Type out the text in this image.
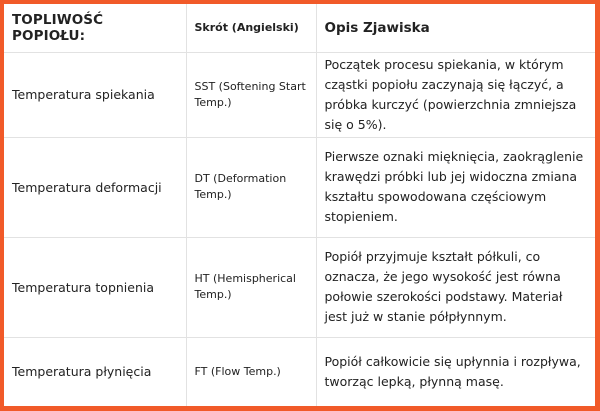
TOPLIWOŚĆ POPIOŁU:	Skrót (Angielski)	Opis Zjawiska
Temperatura spiekania	SST (Softening Start Temp.)	Początek procesu spiekania, w którym cząstki popiołu zaczynają się łączyć, a próbka kurczyć (powierzchnia zmniejsza się o 5%).
Temperatura deformacji	DT (Deformation Temp.)	Pierwsze oznaki mięknięcia, zaokrąglenie krawędzi próbki lub jej widoczna zmiana kształtu spowodowana częściowym stopieniem.
Temperatura topnienia	HT (Hemispherical Temp.)	Popiół przyjmuje kształt półkuli, co oznacza, że jego wysokość jest równa połowie szerokości podstawy. Materiał jest już w stanie półpłynnym.
Temperatura płynięcia	FT (Flow Temp.)	Popiół całkowicie się upłynnia i rozpływa, tworząc lepką, płynną masę.
